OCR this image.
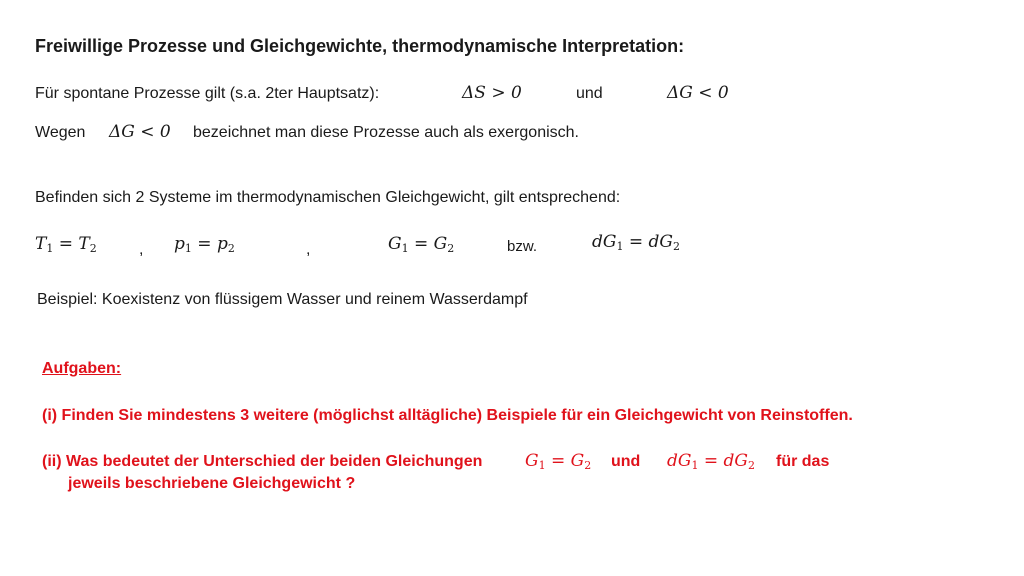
Freiwillige Prozesse und Gleichgewichte, thermodynamische Interpretation:
Für spontane Prozesse gilt (s.a. 2ter Hauptsatz):	ΔS > 0	und	ΔG < 0
Wegen ΔG < 0 bezeichnet man diese Prozesse auch als exergonisch.
Befinden sich 2 Systeme im thermodynamischen Gleichgewicht, gilt entsprechend:
$T_1 = T_2$	, $p_1 = p_2$	,	$G_1 = G_2$	bzw.	$dG_1 = dG_2$
Beispiel: Koexistenz von flüssigem Wasser und reinem Wasserdampf
Aufgaben:
(i) Finden Sie mindestens 3 weitere (möglichst alltägliche) Beispiele für ein Gleichgewicht von Reinstoffen.
(ii) Was bedeutet der Unterschied der beiden Gleichungen	$G_1 = G_2$ und $dG_1 = dG_2$ für das
jeweils beschriebene Gleichgewicht ?
